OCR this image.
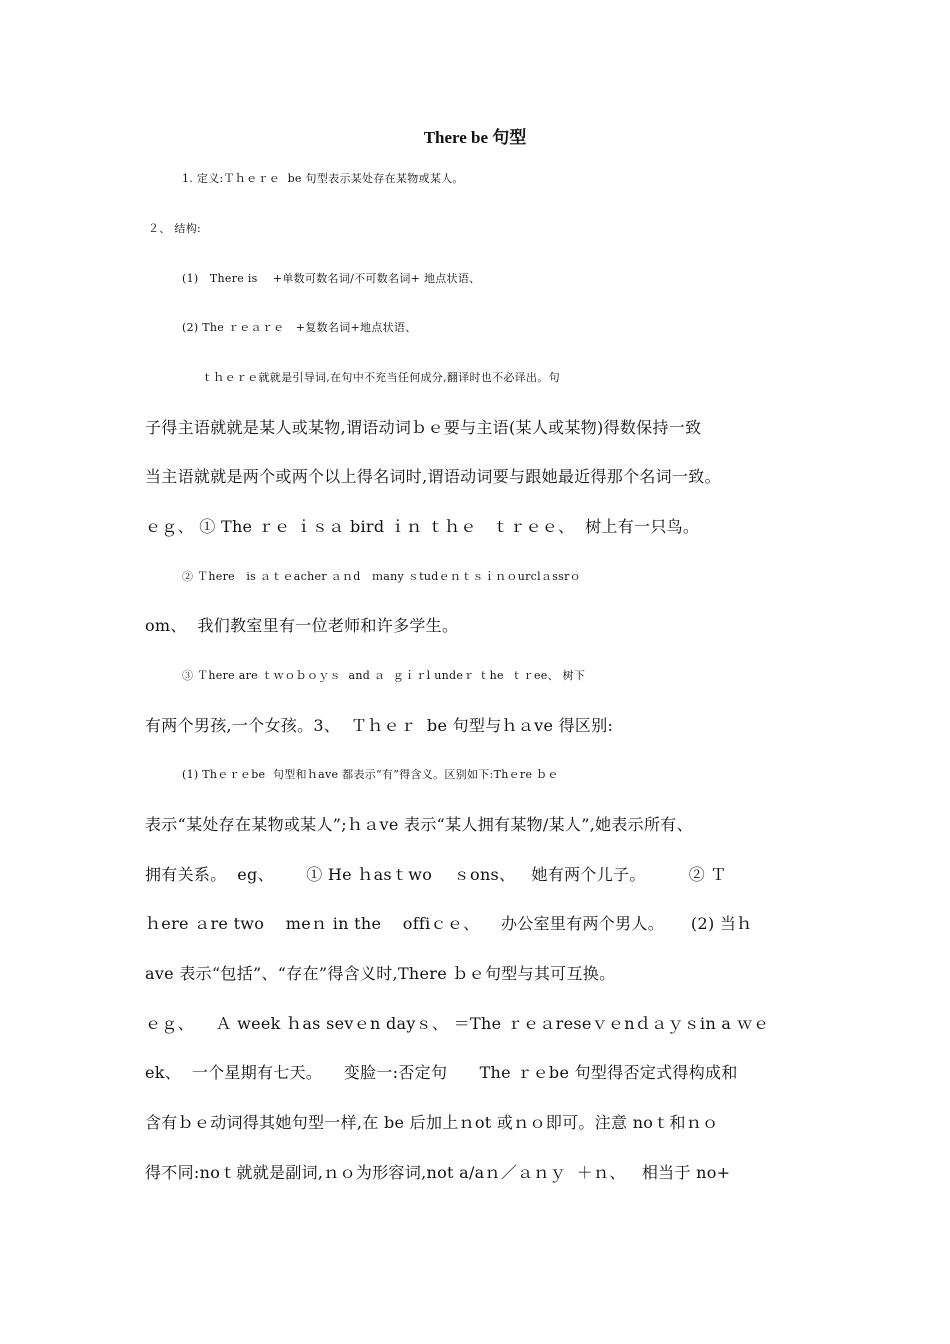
There be 句型
1. 定义:Ｔｈｅｒｅ  be 句型表示某处存在某物或某人。
２、 结构:
(1)   There is    +单数可数名词/不可数名词+ 地点状语、
(2) The ｒｅａｒｅ   +复数名词+地点状语、
ｔｈｅｒｅ就就是引导词,在句中不充当任何成分,翻译时也不必译出。句
子得主语就就是某人或某物,谓语动词ｂｅ要与主语(某人或某物)得数保持一致
当主语就就是两个或两个以上得名词时,谓语动词要与跟她最近得那个名词一致。
ｅｇ、 ① The ｒｅ ｉｓａ bird ｉｎ ｔｈｅ   ｔｒｅｅ、  树上有一只鸟。
② Ｔhere   is ａｔｅacher ａｎd   ｍany ｓtudｅｎｔｓｉｎｏurclａssrｏ
om、  我们教室里有一位老师和许多学生。
③ Ｔhere are ｔｗｏｂｏｙｓ  and ａ  ｇｉｒl undeｒ ｔhe  ｔｒee、 树下
有两个男孩,一个女孩。3、  Ｔｈｅｒ  be 句型与ｈａve 得区别:
(1) Thｅｒｅbe  句型和ｈave 都表示“有”得含义。区别如下:Thｅre ｂｅ
表示“某处存在某物或某人”;ｈａve 表示“某人拥有某物/某人”,她表示所有、
拥有关系。  eg、      ① He ｈasｔwo    ｓons、   她有两个儿子。        ② Ｔ
ｈere ａre two    meｎ in the    offiｃｅ、    办公室里有两个男人。     (2) 当ｈ
ave 表示“包括”、“存在”得含义时,There ｂｅ句型与其可互换。
ｅｇ、    Ａ week ｈas sevｅn dayｓ、 ＝The ｒｅａreseｖｅnｄａｙｓin a ｗｅ
ek、  一个星期有七天。    变脸一:否定句      The ｒｅbe 句型得否定式得构成和
含有ｂｅ动词得其她句型一样,在 be 后加上ｎot 或ｎｏ即可。注意 noｔ和ｎｏ
得不同:noｔ就就是副词,ｎｏ为形容词,not a/aｎ／ａｎｙ  ＋ｎ、   相当于 no+
